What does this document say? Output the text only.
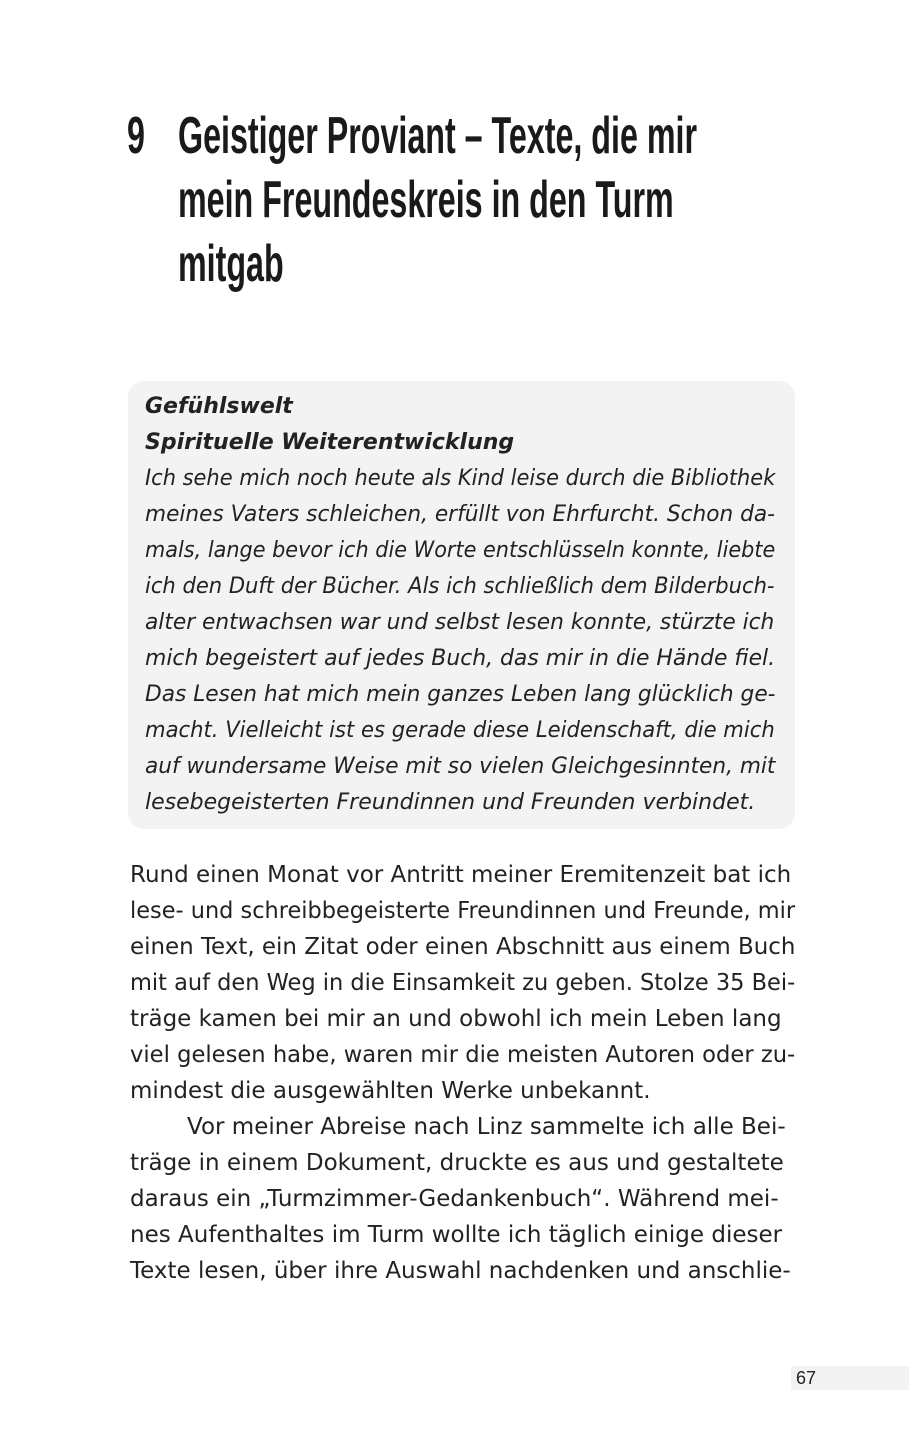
9 Geistiger Proviant – Texte, die mir
mein Freundeskreis in den Turm
mitgab
Gefühlswelt
Spirituelle Weiterentwicklung
Ich sehe mich noch heute als Kind leise durch die Bibliothek
meines Vaters schleichen, erfüllt von Ehrfurcht. Schon da-
mals, lange bevor ich die Worte entschlüsseln konnte, liebte
ich den Duft der Bücher. Als ich schließlich dem Bilderbuch-
alter entwachsen war und selbst lesen konnte, stürzte ich
mich begeistert auf jedes Buch, das mir in die Hände fiel.
Das Lesen hat mich mein ganzes Leben lang glücklich ge-
macht. Vielleicht ist es gerade diese Leidenschaft, die mich
auf wundersame Weise mit so vielen Gleichgesinnten, mit
lesebegeisterten Freundinnen und Freunden verbindet.
Rund einen Monat vor Antritt meiner Eremitenzeit bat ich
lese- und schreibbegeisterte Freundinnen und Freunde, mir
einen Text, ein Zitat oder einen Abschnitt aus einem Buch
mit auf den Weg in die Einsamkeit zu geben. Stolze 35 Bei-
träge kamen bei mir an und obwohl ich mein Leben lang
viel gelesen habe, waren mir die meisten Autoren oder zu-
mindest die ausgewählten Werke unbekannt.
Vor meiner Abreise nach Linz sammelte ich alle Bei-
träge in einem Dokument, druckte es aus und gestaltete
daraus ein „Turmzimmer-Gedankenbuch“. Während mei-
nes Aufenthaltes im Turm wollte ich täglich einige dieser
Texte lesen, über ihre Auswahl nachdenken und anschlie-
67
